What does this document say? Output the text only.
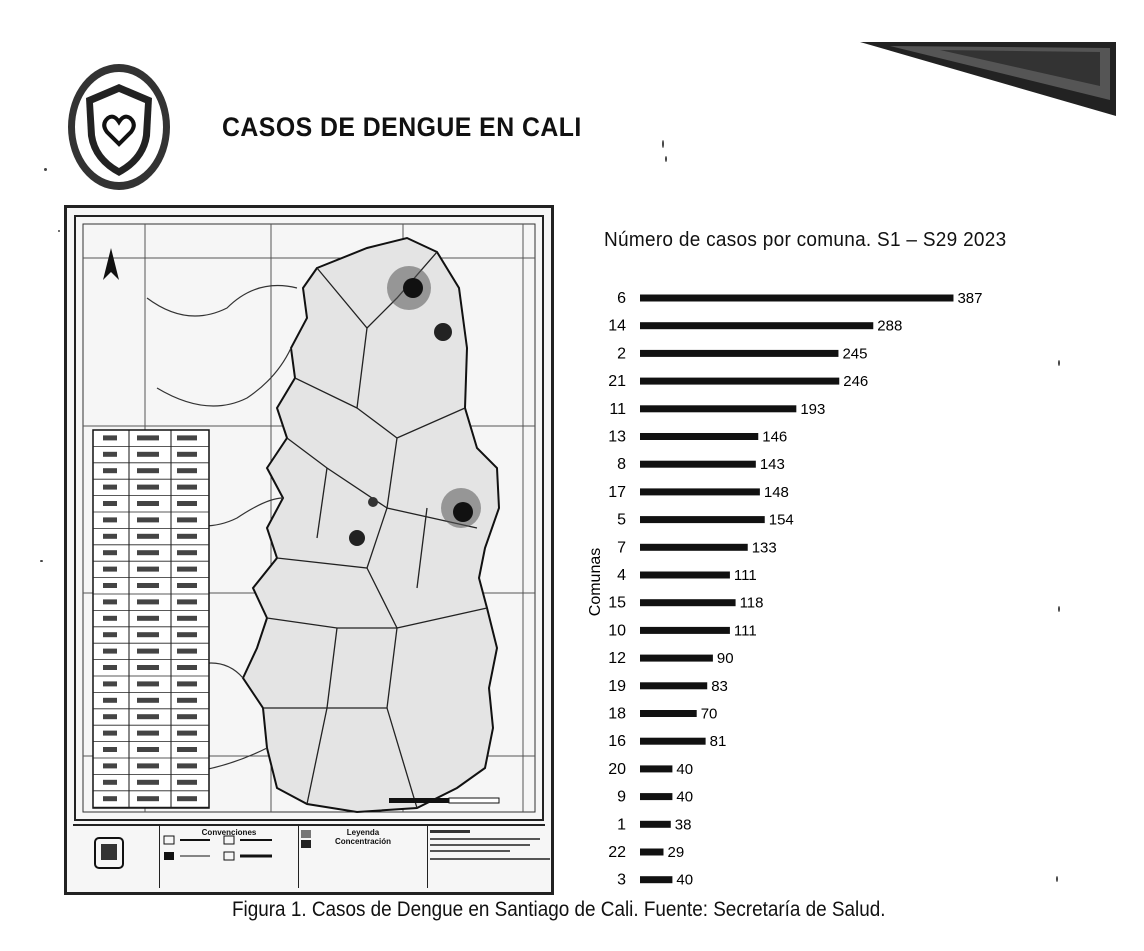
CASOS DE DENGUE EN CALI
Convenciones	Leyenda
Concentración
Número de casos por comuna. S1 – S29 2023
Comunas
6	387
14	288
2	245
21	246
11	193
13	146
8	143
17	148
5	154
7	133
4	111
15	118
10	111
12	90
19	83
18	70
16	81
20	40
9	40
1	38
22	29
3	40

Figura 1. Casos de Dengue en Santiago de Cali. Fuente: Secretaría de Salud.
